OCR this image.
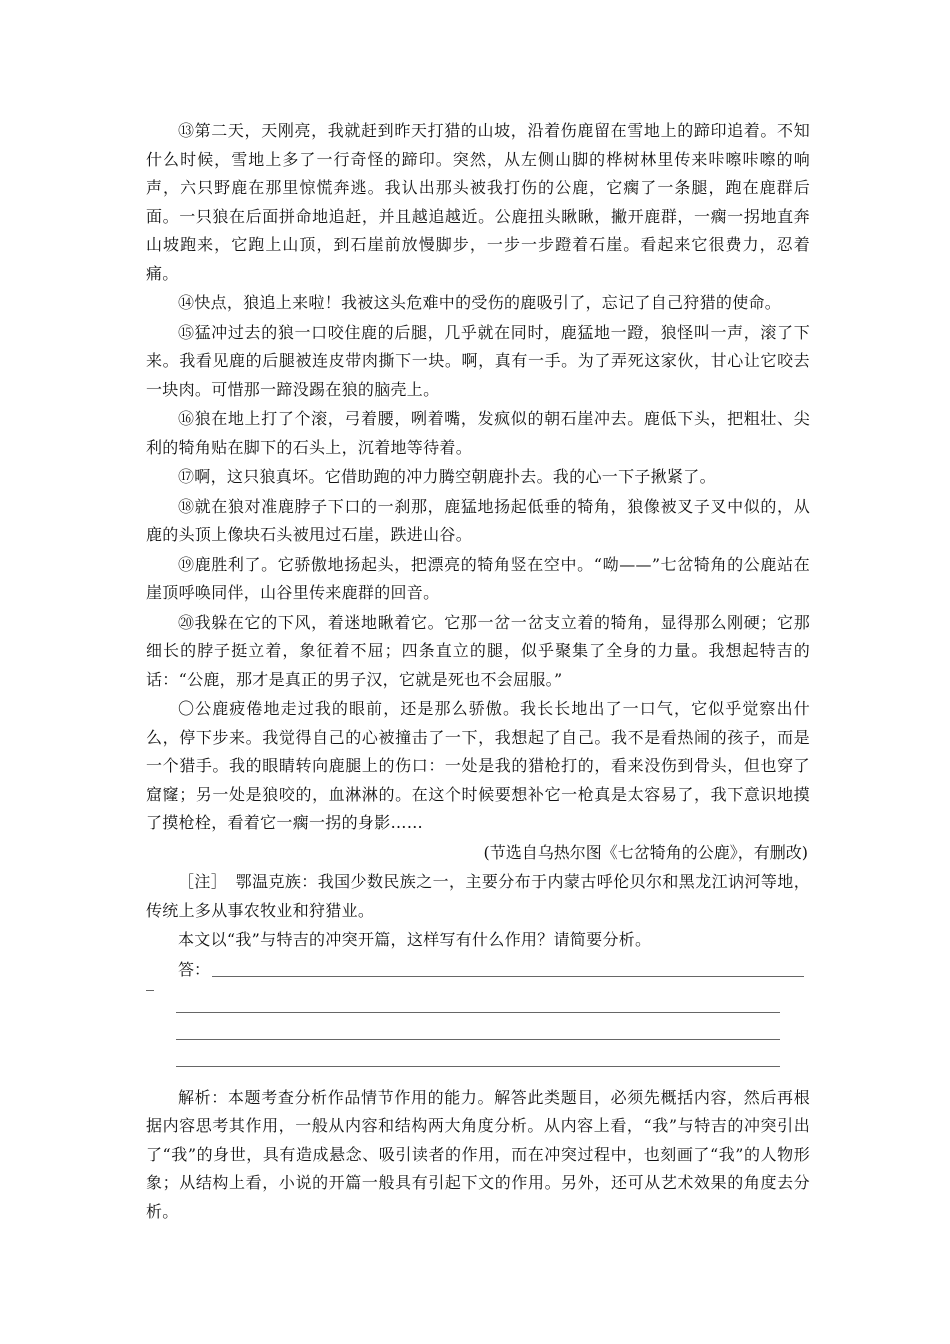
⑬第二天，天刚亮，我就赶到昨天打猎的山坡，沿着伤鹿留在雪地上的蹄印追着。不知什么时候，雪地上多了一行奇怪的蹄印。突然，从左侧山脚的桦树林里传来咔嚓咔嚓的响声，六只野鹿在那里惊慌奔逃。我认出那头被我打伤的公鹿，它瘸了一条腿，跑在鹿群后面。一只狼在后面拼命地追赶，并且越追越近。公鹿扭头瞅瞅，撇开鹿群，一瘸一拐地直奔山坡跑来，它跑上山顶，到石崖前放慢脚步，一步一步蹬着石崖。看起来它很费力，忍着痛。

⑭快点，狼追上来啦！我被这头危难中的受伤的鹿吸引了，忘记了自己狩猎的使命。

⑮猛冲过去的狼一口咬住鹿的后腿，几乎就在同时，鹿猛地一蹬，狼怪叫一声，滚了下来。我看见鹿的后腿被连皮带肉撕下一块。啊，真有一手。为了弄死这家伙，甘心让它咬去一块肉。可惜那一蹄没踢在狼的脑壳上。

⑯狼在地上打了个滚，弓着腰，咧着嘴，发疯似的朝石崖冲去。鹿低下头，把粗壮、尖利的犄角贴在脚下的石头上，沉着地等待着。

⑰啊，这只狼真坏。它借助跑的冲力腾空朝鹿扑去。我的心一下子揪紧了。

⑱就在狼对准鹿脖子下口的一刹那，鹿猛地扬起低垂的犄角，狼像被叉子叉中似的，从鹿的头顶上像块石头被甩过石崖，跌进山谷。

⑲鹿胜利了。它骄傲地扬起头，把漂亮的犄角竖在空中。“呦——”七岔犄角的公鹿站在崖顶呼唤同伴，山谷里传来鹿群的回音。

⑳我躲在它的下风，着迷地瞅着它。它那一岔一岔支立着的犄角，显得那么刚硬；它那细长的脖子挺立着，象征着不屈；四条直立的腿，似乎聚集了全身的力量。我想起特吉的话：“公鹿，那才是真正的男子汉，它就是死也不会屈服。”

〇公鹿疲倦地走过我的眼前，还是那么骄傲。我长长地出了一口气，它似乎觉察出什么，停下步来。我觉得自己的心被撞击了一下，我想起了自己。我不是看热闹的孩子，而是一个猎手。我的眼睛转向鹿腿上的伤口：一处是我的猎枪打的，看来没伤到骨头，但也穿了窟窿；另一处是狼咬的，血淋淋的。在这个时候要想补它一枪真是太容易了，我下意识地摸了摸枪栓，看着它一瘸一拐的身影……

(节选自乌热尔图《七岔犄角的公鹿》，有删改)

［注］　鄂温克族：我国少数民族之一，主要分布于内蒙古呼伦贝尔和黑龙江讷河等地，传统上多从事农牧业和狩猎业。

本文以“我”与特吉的冲突开篇，这样写有什么作用？请简要分析。

答：

解析：本题考查分析作品情节作用的能力。解答此类题目，必须先概括内容，然后再根据内容思考其作用，一般从内容和结构两大角度分析。从内容上看，“我”与特吉的冲突引出了“我”的身世，具有造成悬念、吸引读者的作用，而在冲突过程中，也刻画了“我”的人物形象；从结构上看，小说的开篇一般具有引起下文的作用。另外，还可从艺术效果的角度去分析。
